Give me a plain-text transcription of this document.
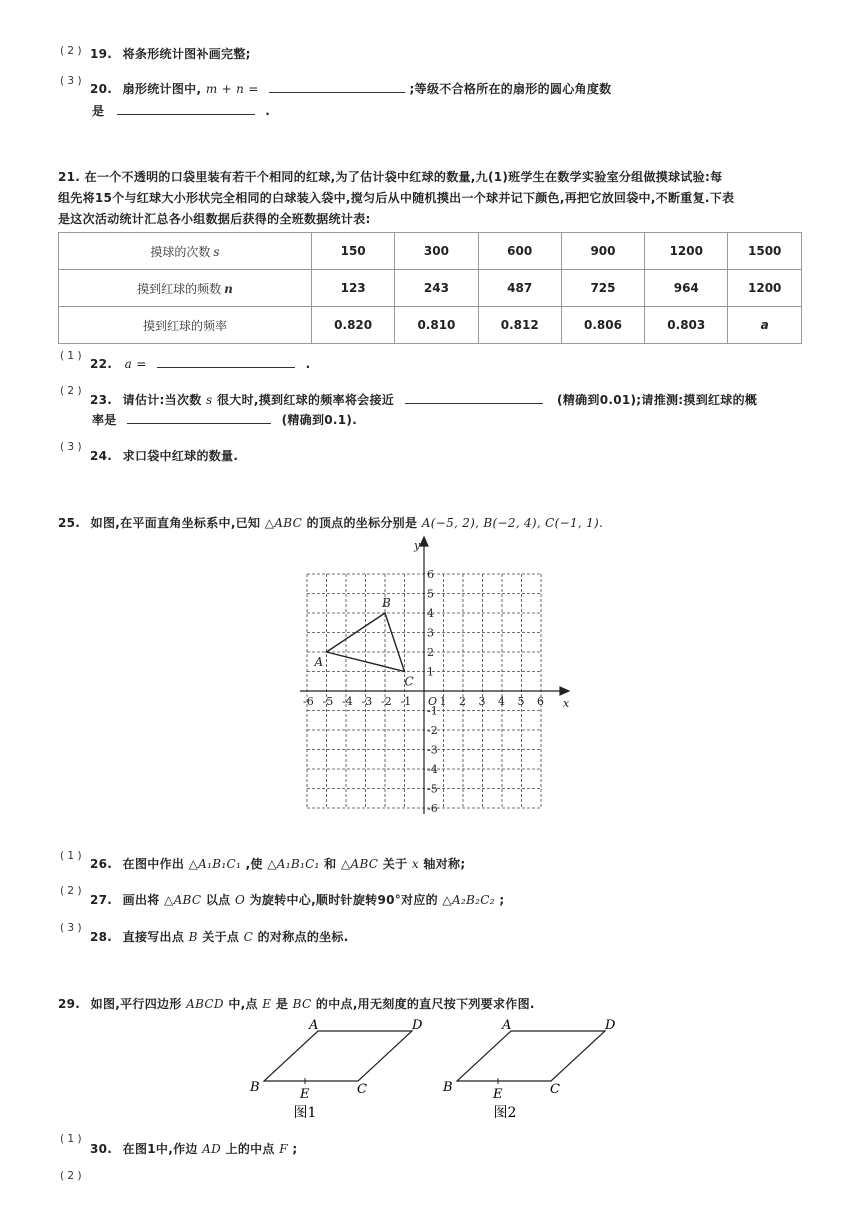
( 2 ) 19. 将条形统计图补画完整;
( 3 )
20. 扇形统计图中, m + n =	;等级不合格所在的扇形的圆心角度数
是	.
21. 在一个不透明的口袋里装有若干个相同的红球,为了估计袋中红球的数量,九(1)班学生在数学实验室分组做摸球试验:每
组先将15个与红球大小形状完全相同的白球装入袋中,搅匀后从中随机摸出一个球并记下颜色,再把它放回袋中,不断重复.下表
是这次活动统计汇总各小组数据后获得的全班数据统计表:
摸球的次数 s	150	300	600	900	1200	1500
摸到红球的频数 n	123	243	487	725	964	1200
摸到红球的频率	0.820	0.810	0.812	0.806	0.803	a
( 1 )
22. a =	.
( 2 )
23. 请估计:当次数 s 很大时,摸到红球的频率将会接近	(精确到0.01);请推测:摸到红球的概
率是	(精确到0.1).
( 3 )
24. 求口袋中红球的数量.
25. 如图,在平面直角坐标系中,已知 △ABC 的顶点的坐标分别是 A(−5, 2), B(−2, 4), C(−1, 1).
-6 -5 -4 -3 -2 -1	1 2 3 4 5 6
6
5
4
3
2
1
-1
-2
-3
-4
-5
-6
O	x
y
A
B
C
( 1 )
26. 在图中作出 △A₁B₁C₁ ,使 △A₁B₁C₁ 和 △ABC 关于 x 轴对称;
( 2 )
27. 画出将 △ABC 以点 O 为旋转中心,顺时针旋转90°对应的 △A₂B₂C₂ ;
( 3 )
28. 直接写出点 B 关于点 C 的对称点的坐标.
29. 如图,平行四边形 ABCD 中,点 E 是 BC 的中点,用无刻度的直尺按下列要求作图.
A	D
B	E	C
图1
A	D
B	E	C
图2
( 1 )
30. 在图1中,作边 AD 上的中点 F ;
( 2 )
